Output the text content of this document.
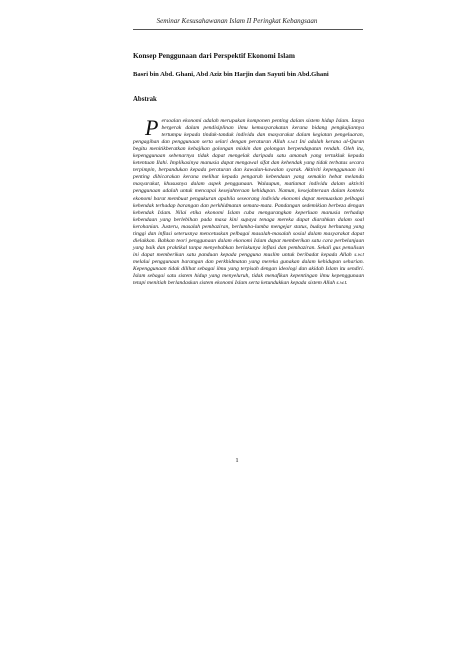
Seminar Kesusahawanan Islam II Peringkat Kebangsaan
Konsep Penggunaan dari Perspektif Ekonomi Islam
Basri bin Abd. Ghani, Abd Aziz bin Harjin dan Sayuti bin Abd.Ghani
Abstrak
Persoalan ekonomi adalah merupakan komponen penting dalam sistem hidup Islam. Ianya bergerak dalam pendisiplinan ilmu kemasyarakatan kerana bidang pengkajiannya tertumpu kepada tindak-tanduk individu dan masyarakat dalam kegiatan pengeluaran, pengagihan dan penggunaan serta selari dengan peraturan Allah s.w.t Ini adalah kerana al-Quran begitu menitikberatkan kebajikan golongan miskin dan golongan berpendapatan rendah. Oleh itu, kepenggunaan sebenarnya tidak dapat mengelak daripada satu amanah yang tertakluk kepada ketentuan Ilahi. Implikasinya manusia dapat mengawal sifat dan kehendak yang tidak terbatas secara terpimpin, berpandukan kepada peraturan dan kawalan-kawalan syarak. Aktiviti kepenggunaan ini penting dibicarakan kerana melihat kepada pengaruh kebendaan yang semakin hebat melanda masyarakat, khususnya dalam aspek penggunaan. Walaupun, matlamat individu dalam aktiviti penggunaan adalah untuk mencapai kesejahteraan kehidupan. Namun, kesejahteraan dalam konteks ekonomi barat membuat pengukuran apabila seseorang individu ekonomi dapat memuaskan pelbagai kehendak terhadap barangan dan perkhidmatan semata-mata. Pandangan sedemikian berbeza dengan kehendak Islam. Nilai etika ekonomi Islam cuba mengurangkan keperluan manusia terhadap kebendaan yang berlebihan pada masa kini supaya tenaga mereka dapat diarahkan dalam soal kerohanian. Justeru, masalah pembaziran, berlumba-lumba mengejar status, budaya berhutang yang tinggi dan inflasi seterusnya mencetuskan pelbagai masalah-masalah sosial dalam masyarakat dapat dielakkan. Bahkan teori penggunaan dalam ekonomi Islam dapat memberikan satu cara perbelanjaan yang baik dan praktikal tanpa menyebabkan berlakunya inflasi dan pembaziran. Sekali gus penulisan ini dapat memberikan satu panduan kepada pengguna muslim untuk beribadat kepada Allah s.w.t melalui penggunaan barangan dan perkhidmatan yang mereka gunakan dalam kehidupan seharian. Kepenggunaan tidak dilihat sebagai ilmu yang terpisah dengan ideologi dan akidah Islam itu sendiri. Islam sebagai satu sistem hidup yang menyeluruh, tidak menafikan kepentingan ilmu kepenggunaan tetapi menitiah berlandaskan sistem ekonomi Islam serta ketundukkan kepada sistem Allah s.w.t.
1
